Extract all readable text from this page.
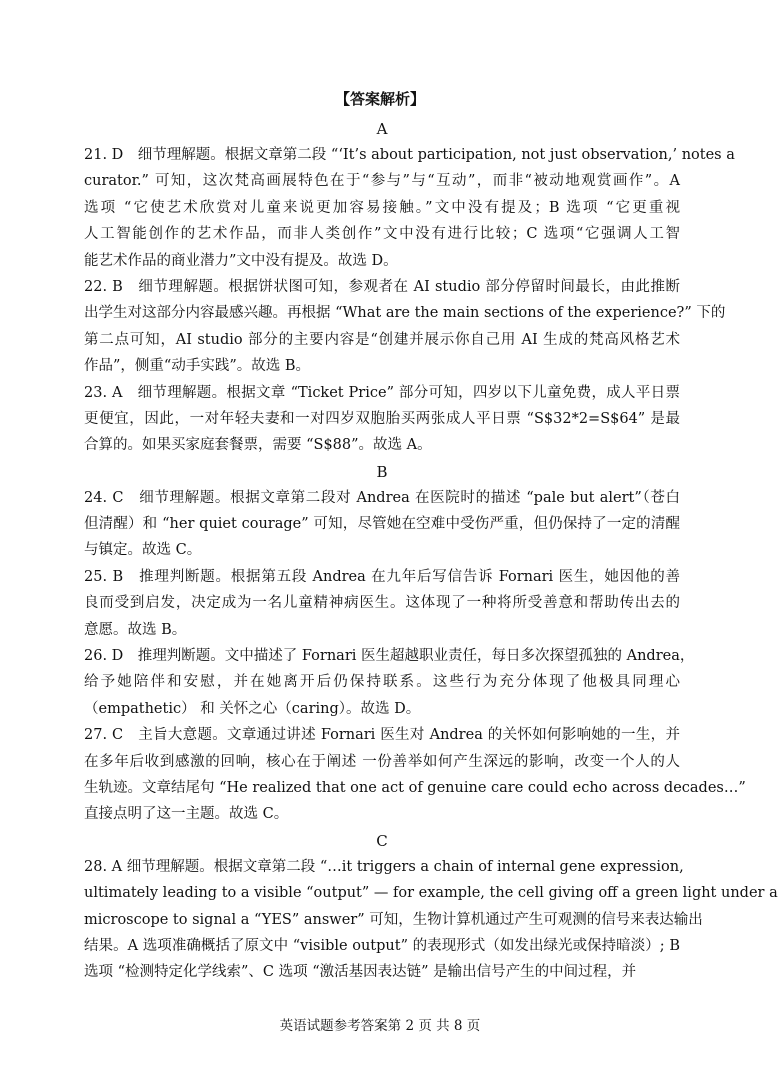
【答案解析】
A
21. D　细节理解题。根据文章第二段 “‘It’s about participation, not just observation,’ notes a
curator.” 可知，这次梵高画展特色在于“参与”与“互动”，而非“被动地观赏画作”。A
选项 “它使艺术欣赏对儿童来说更加容易接触。”文中没有提及；B 选项 “它更重视
人工智能创作的艺术作品，而非人类创作”文中没有进行比较；C 选项“它强调人工智
能艺术作品的商业潜力”文中没有提及。故选 D。
22. B　细节理解题。根据饼状图可知，参观者在 AI studio 部分停留时间最长，由此推断
出学生对这部分内容最感兴趣。再根据 “What are the main sections of the experience?” 下的
第二点可知，AI studio 部分的主要内容是“创建并展示你自己用 AI 生成的梵高风格艺术
作品”，侧重“动手实践”。故选 B。
23. A　细节理解题。根据文章 “Ticket Price” 部分可知，四岁以下儿童免费，成人平日票
更便宜，因此，一对年轻夫妻和一对四岁双胞胎买两张成人平日票 “S$32*2=S$64” 是最
合算的。如果买家庭套餐票，需要 “S$88”。故选 A。
B
24. C　细节理解题。根据文章第二段对 Andrea 在医院时的描述 “pale but alert”（苍白
但清醒）和 “her quiet courage” 可知，尽管她在空难中受伤严重，但仍保持了一定的清醒
与镇定。故选 C。
25. B　推理判断题。根据第五段 Andrea 在九年后写信告诉 Fornari 医生，她因他的善
良而受到启发，决定成为一名儿童精神病医生。这体现了一种将所受善意和帮助传出去的
意愿。故选 B。
26. D　推理判断题。文中描述了 Fornari 医生超越职业责任，每日多次探望孤独的 Andrea，
给予她陪伴和安慰，并在她离开后仍保持联系。这些行为充分体现了他极具同理心
（empathetic） 和 关怀之心（caring）。故选 D。
27. C　主旨大意题。文章通过讲述 Fornari 医生对 Andrea 的关怀如何影响她的一生，并
在多年后收到感激的回响，核心在于阐述 一份善举如何产生深远的影响，改变一个人的人
生轨迹。文章结尾句 “He realized that one act of genuine care could echo across decades…”
直接点明了这一主题。故选 C。
C
28. A 细节理解题。根据文章第二段 “…it triggers a chain of internal gene expression,
ultimately leading to a visible “output” — for example, the cell giving off a green light under a
microscope to signal a “YES” answer” 可知，生物计算机通过产生可观测的信号来表达输出
结果。A 选项准确概括了原文中 “visible output” 的表现形式（如发出绿光或保持暗淡）; B
选项 “检测特定化学线索”、C 选项 “激活基因表达链” 是输出信号产生的中间过程，并
英语试题参考答案第 2 页 共 8 页
